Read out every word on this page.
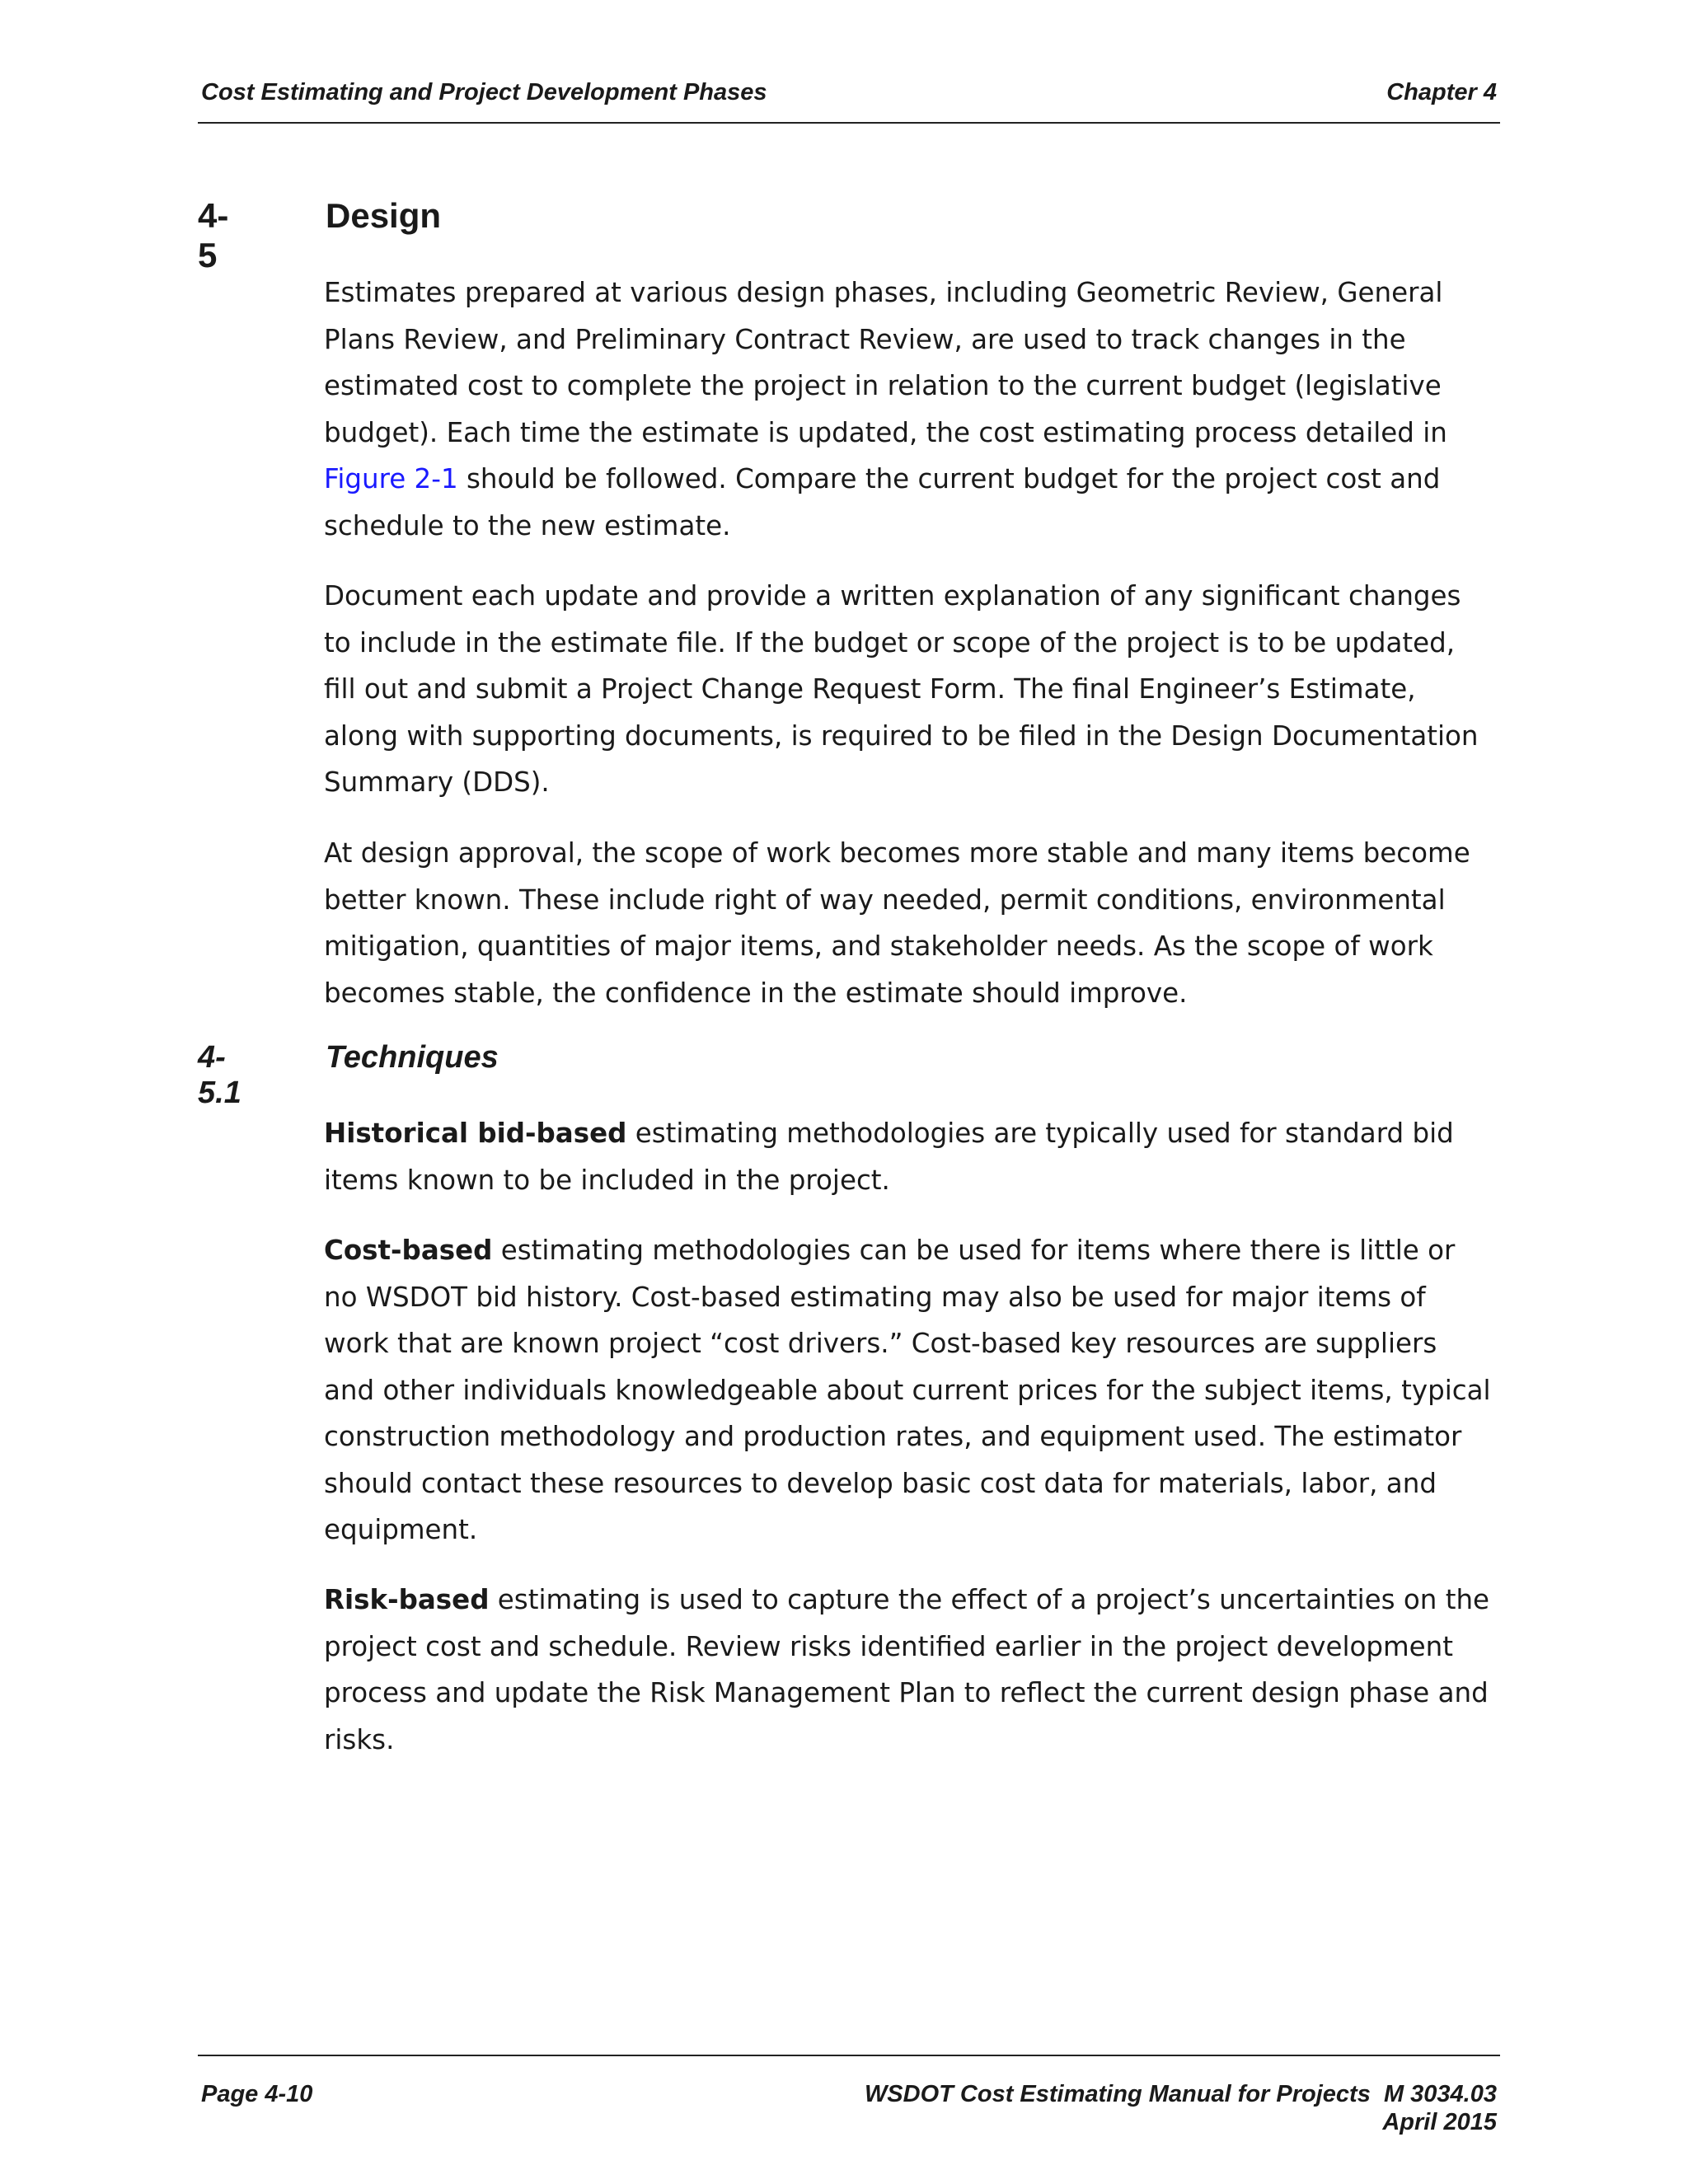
Cost Estimating and Project Development Phases	Chapter 4
4-5
Design

Estimates prepared at various design phases, including Geometric Review, General Plans Review, and Preliminary Contract Review, are used to track changes in the estimated cost to complete the project in relation to the current budget (legislative budget). Each time the estimate is updated, the cost estimating process detailed in Figure 2-1 should be followed. Compare the current budget for the project cost and schedule to the new estimate.

Document each update and provide a written explanation of any significant changes to include in the estimate file. If the budget or scope of the project is to be updated, fill out and submit a Project Change Request Form. The final Engineer’s Estimate, along with supporting documents, is required to be filed in the Design Documentation Summary (DDS).

At design approval, the scope of work becomes more stable and many items become better known. These include right of way needed, permit conditions, environmental mitigation, quantities of major items, and stakeholder needs. As the scope of work becomes stable, the confidence in the estimate should improve.

4-5.1
Techniques

Historical bid-based estimating methodologies are typically used for standard bid items known to be included in the project.

Cost-based estimating methodologies can be used for items where there is little or no WSDOT bid history. Cost-based estimating may also be used for major items of work that are known project “cost drivers.” Cost-based key resources are suppliers and other individuals knowledgeable about current prices for the subject items, typical construction methodology and production rates, and equipment used. The estimator should contact these resources to develop basic cost data for materials, labor, and equipment.

Risk-based estimating is used to capture the effect of a project’s uncertainties on the project cost and schedule. Review risks identified earlier in the project development process and update the Risk Management Plan to reflect the current design phase and risks.

Page 4-10	WSDOT Cost Estimating Manual for Projects  M 3034.03
April 2015
